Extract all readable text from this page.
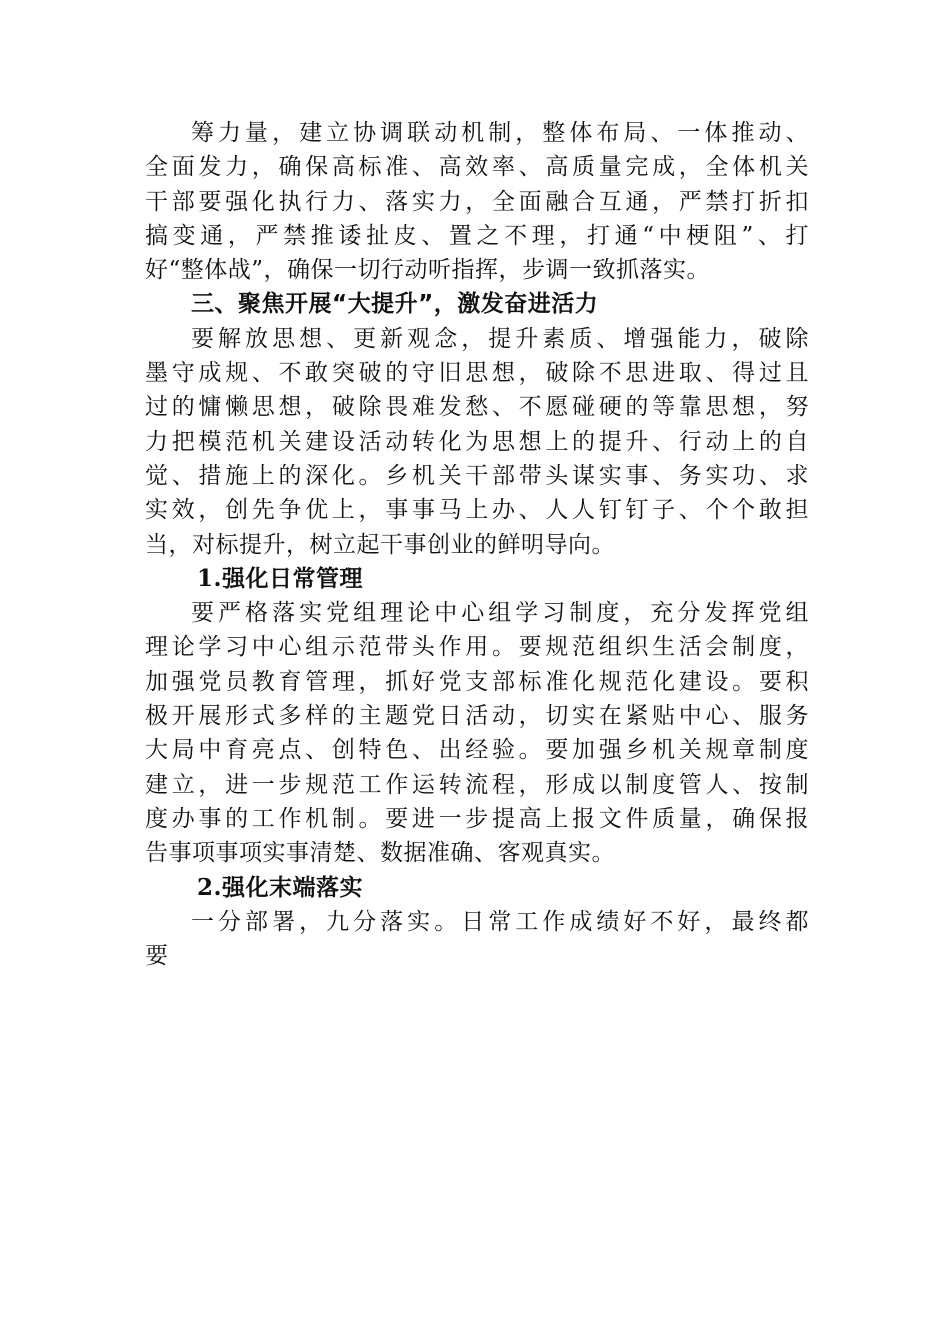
筹力量，建立协调联动机制，整体布局、一体推动、
全面发力，确保高标准、高效率、高质量完成，全体机关
干部要强化执行力、落实力，全面融合互通，严禁打折扣
搞变通，严禁推诿扯皮、置之不理，打通“中梗阻”、打
好“整体战”，确保一切行动听指挥，步调一致抓落实。
三、聚焦开展“大提升”，激发奋进活力
要解放思想、更新观念，提升素质、增强能力，破除
墨守成规、不敢突破的守旧思想，破除不思进取、得过且
过的慵懒思想，破除畏难发愁、不愿碰硬的等靠思想，努
力把模范机关建设活动转化为思想上的提升、行动上的自
觉、措施上的深化。乡机关干部带头谋实事、务实功、求
实效，创先争优上，事事马上办、人人钉钉子、个个敢担
当，对标提升，树立起干事创业的鲜明导向。
1.强化日常管理
要严格落实党组理论中心组学习制度，充分发挥党组
理论学习中心组示范带头作用。要规范组织生活会制度，
加强党员教育管理，抓好党支部标准化规范化建设。要积
极开展形式多样的主题党日活动，切实在紧贴中心、服务
大局中育亮点、创特色、出经验。要加强乡机关规章制度
建立，进一步规范工作运转流程，形成以制度管人、按制
度办事的工作机制。要进一步提高上报文件质量，确保报
告事项事项实事清楚、数据准确、客观真实。
2.强化末端落实
一分部署，九分落实。日常工作成绩好不好，最终都
要
